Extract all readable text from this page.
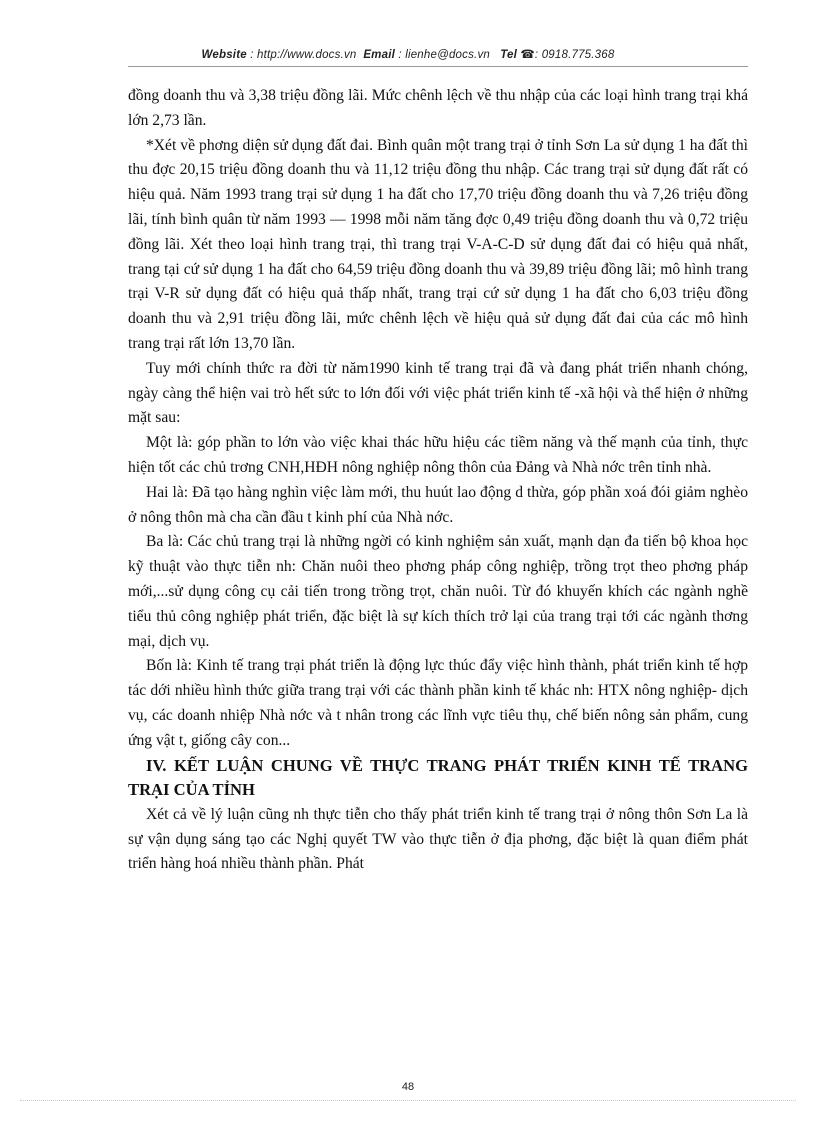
Website : http://www.docs.vn Email : lienhe@docs.vn Tel ☎: 0918.775.368

đồng doanh thu và 3,38 triệu đồng lãi. Mức chênh lệch về thu nhập của các loại hình trang trại khá lớn 2,73 lần.

*Xét về phơng diện sử dụng đất đai. Bình quân một trang trại ở tỉnh Sơn La sử dụng 1 ha đất thì thu đợc 20,15 triệu đồng doanh thu và 11,12 triệu đồng thu nhập. Các trang trại sử dụng đất rất có hiệu quả. Năm 1993 trang trại sử dụng 1 ha đất cho 17,70 triệu đồng doanh thu và 7,26 triệu đồng lãi, tính bình quân từ năm 1993 — 1998 mỗi năm tăng đợc 0,49 triệu đồng doanh thu và 0,72 triệu đồng lãi. Xét theo loại hình trang trại, thì trang trại V-A-C-D sử dụng đất đai có hiệu quả nhất, trang tại cứ sử dụng 1 ha đất cho 64,59 triệu đồng doanh thu và 39,89 triệu đồng lãi; mô hình trang trại V-R sử dụng đất có hiệu quả thấp nhất, trang trại cứ sử dụng 1 ha đất cho 6,03 triệu đồng doanh thu và 2,91 triệu đồng lãi, mức chênh lệch về hiệu quả sử dụng đất đai của các mô hình trang trại rất lớn 13,70 lần.

Tuy mới chính thức ra đời từ năm1990 kinh tế trang trại đã và đang phát triển nhanh chóng, ngày càng thể hiện vai trò hết sức to lớn đối với việc phát triển kinh tế -xã hội và thể hiện ở những mặt sau:

Một là: góp phần to lớn vào việc khai thác hữu hiệu các tiềm năng và thế mạnh của tỉnh, thực hiện tốt các chủ trơng CNH,HĐH nông nghiệp nông thôn của Đảng và Nhà nớc trên tỉnh nhà.

Hai là: Đã tạo hàng nghìn việc làm mới, thu huút lao động d thừa, góp phần xoá đói giảm nghèo ở nông thôn mà cha cần đầu t kinh phí của Nhà nớc.

Ba là: Các chủ trang trại là những ngời có kinh nghiệm sản xuất, mạnh dạn đa tiến bộ khoa học kỹ thuật vào thực tiễn nh: Chăn nuôi theo phơng pháp công nghiệp, trồng trọt theo phơng pháp mới,...sử dụng công cụ cải tiến trong trồng trọt, chăn nuôi. Từ đó khuyến khích các ngành nghề tiểu thủ công nghiệp phát triển, đặc biệt là sự kích thích trở lại của trang trại tới các ngành thơng mại, dịch vụ.

Bốn là: Kinh tế trang trại phát triển là động lực thúc đẩy việc hình thành, phát triển kinh tế hợp tác dới nhiều hình thức giữa trang trại với các thành phần kinh tế khác nh: HTX nông nghiệp- dịch vụ, các doanh nhiệp Nhà nớc và t nhân trong các lĩnh vực tiêu thụ, chế biến nông sản phẩm, cung ứng vật t, giống cây con...

IV. KẾT LUẬN CHUNG VỀ THỰC TRANG PHÁT TRIỂN KINH TẾ TRANG TRẠI CỦA TỈNH

Xét cả về lý luận cũng nh thực tiễn cho thấy phát triển kinh tế trang trại ở nông thôn Sơn La là sự vận dụng sáng tạo các Nghị quyết TW vào thực tiễn ở địa phơng, đặc biệt là quan điểm phát triển hàng hoá nhiều thành phần. Phát

48
